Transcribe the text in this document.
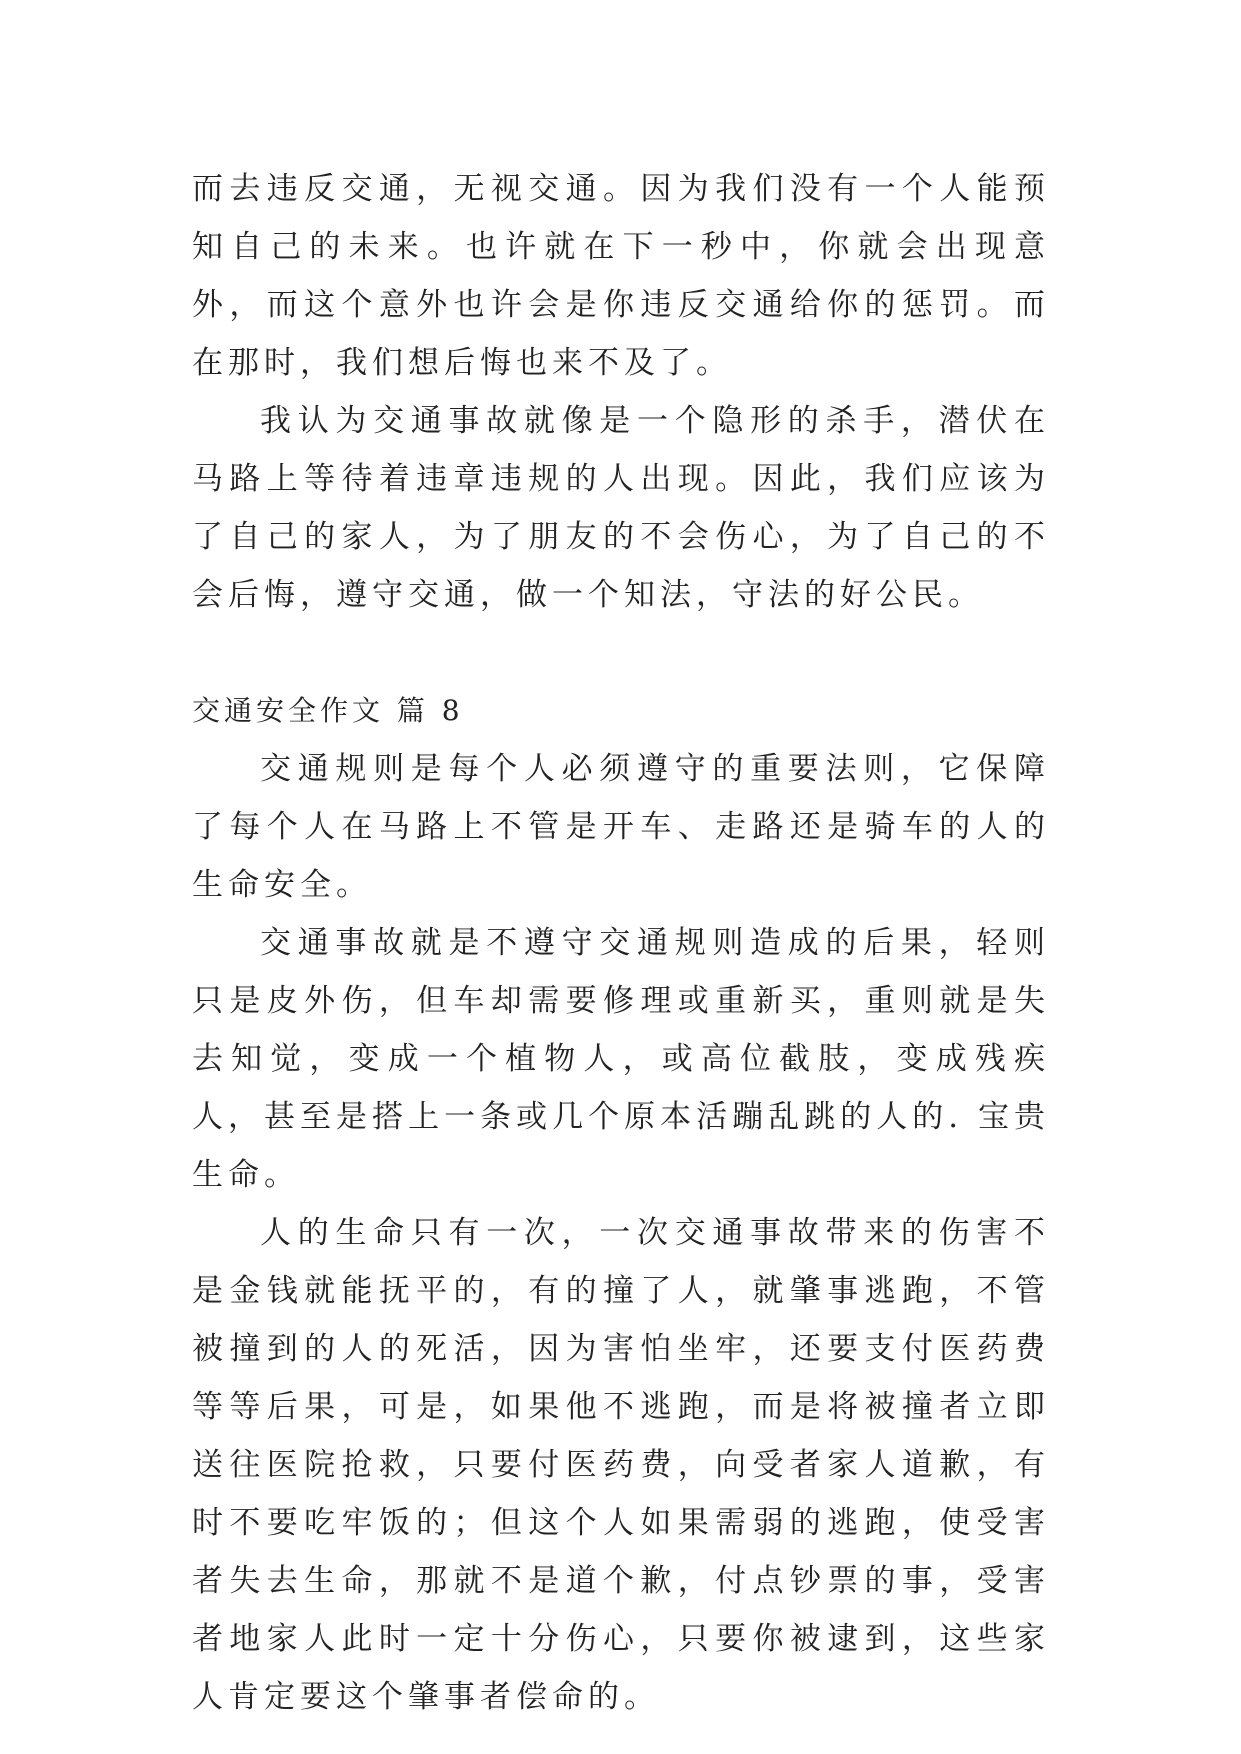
而去违反交通，无视交通。因为我们没有一个人能预知自己的未来。也许就在下一秒中，你就会出现意外，而这个意外也许会是你违反交通给你的惩罚。而在那时，我们想后悔也来不及了。

我认为交通事故就像是一个隐形的杀手，潜伏在马路上等待着违章违规的人出现。因此，我们应该为了自己的家人，为了朋友的不会伤心，为了自己的不会后悔，遵守交通，做一个知法，守法的好公民。

交通安全作文 篇 8

交通规则是每个人必须遵守的重要法则，它保障了每个人在马路上不管是开车、走路还是骑车的人的生命安全。

交通事故就是不遵守交通规则造成的后果，轻则只是皮外伤，但车却需要修理或重新买，重则就是失去知觉，变成一个植物人，或高位截肢，变成残疾人，甚至是搭上一条或几个原本活蹦乱跳的人的. 宝贵生命。

人的生命只有一次，一次交通事故带来的伤害不是金钱就能抚平的，有的撞了人，就肇事逃跑，不管被撞到的人的死活，因为害怕坐牢，还要支付医药费等等后果，可是，如果他不逃跑，而是将被撞者立即送往医院抢救，只要付医药费，向受者家人道歉，有时不要吃牢饭的；但这个人如果需弱的逃跑，使受害者失去生命，那就不是道个歉，付点钞票的事，受害者地家人此时一定十分伤心，只要你被逮到，这些家人肯定要这个肇事者偿命的。
